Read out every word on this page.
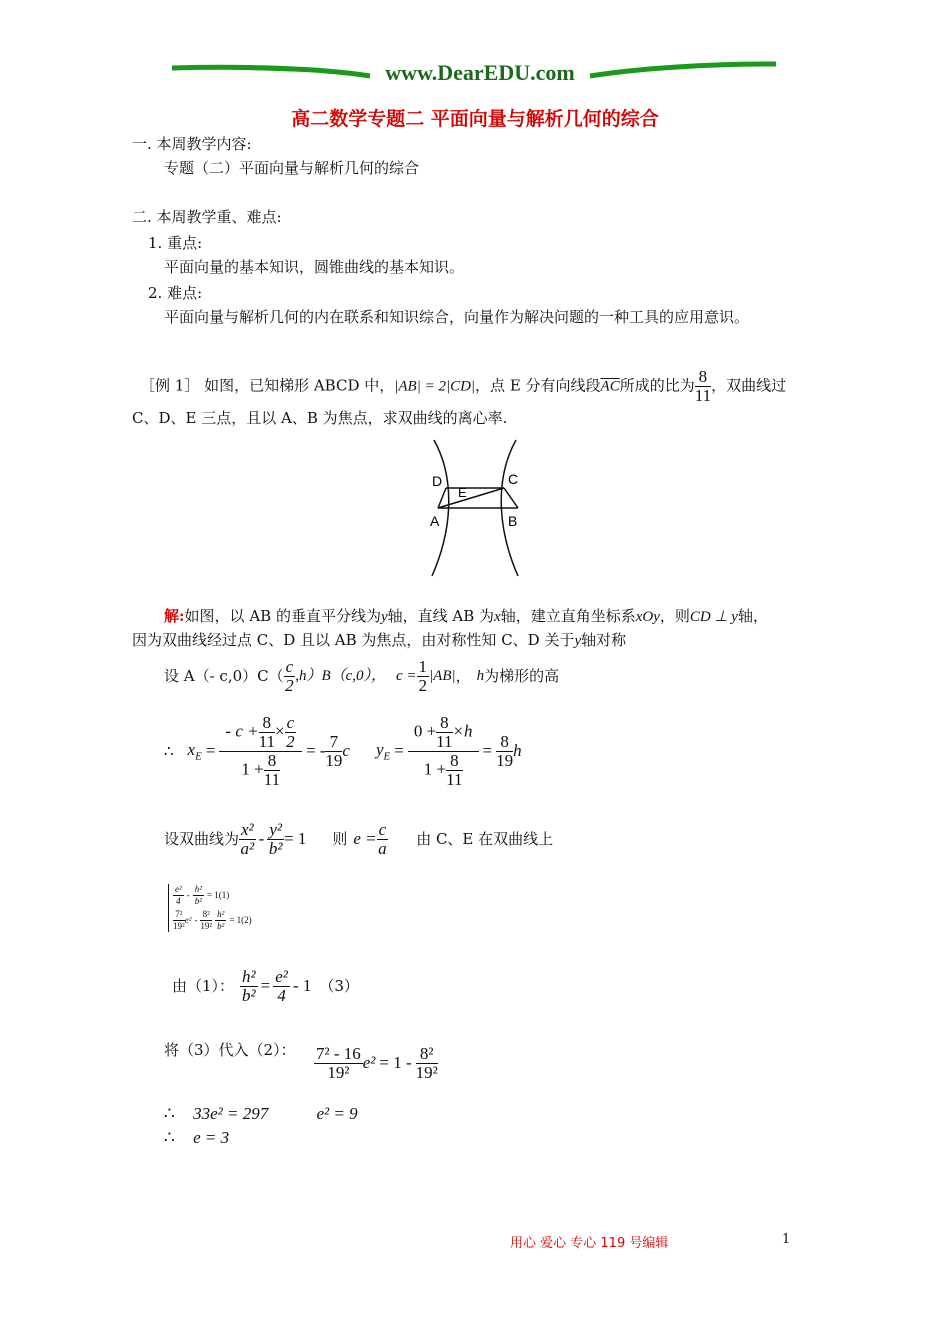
www.DearEDU.com
高二数学专题二 平面向量与解析几何的综合
一. 本周教学内容:
专题（二）平面向量与解析几何的综合
二. 本周教学重、难点:
1. 重点:
平面向量的基本知识，圆锥曲线的基本知识。
2. 难点:
平面向量与解析几何的内在联系和知识综合，向量作为解决问题的一种工具的应用意识。
［例 1］ 如图，已知梯形 ABCD 中，|AB| = 2|CD|，点 E 分有向线段$\overline{AC}$所成的比为 $\frac{8}{11}$ ，双曲线过
C、D、E 三点，且以 A、B 为焦点，求双曲线的离心率.
D	C
E
A	B
解:如图，以 AB 的垂直平分线为y轴，直线 AB 为x轴，建立直角坐标系xOy，则CD ⊥ y轴，
因为双曲线经过点 C、D 且以 AB 为焦点，由对称性知 C、D 关于y轴对称
设 A（- $c,0)C( \frac{c}{2} ,h)B(c,0)$， $c = \frac{1}{2} |AB|$ ， h 为梯形的高
∴ $x_E = \frac{- c + \frac{8}{11} \times \frac{c}{2}}{1 + \frac{8}{11}}$ = - $\frac{7}{19}$ c $y_E = \frac{0 + \frac{8}{11} \times h}{1 + \frac{8}{11}} = \frac{8}{19}$ h
设双曲线为 $\frac{\text{x²}}{\text{a²}} - \frac{\text{y²}}{\text{b²}} = 1$ 则 $e = \frac{c}{a}$ 由 C、E 在双曲线上
$\frac{\text{e²}}{4} - \frac{\text{h²}}{\text{b²}} = 1(1)$
$\frac{\text{7²}}{\text{19²}} e^2 - \frac{\text{8²}}{\text{19²}} \frac{\text{h²}}{\text{b²}} = 1(2)$
由（1）： $\frac{\text{h²}}{\text{b²}} = \frac{\text{e²}}{4} - 1$ （3）
将（3）代入（2）： $\frac{\text{7² - 16}}{\text{19²}} e^2 = 1 - \frac{\text{8²}}{\text{19²}}$
∴ 33e² = 297	e² = 9
∴ e = 3
用心 爱心 专心 119 号编辑	1
